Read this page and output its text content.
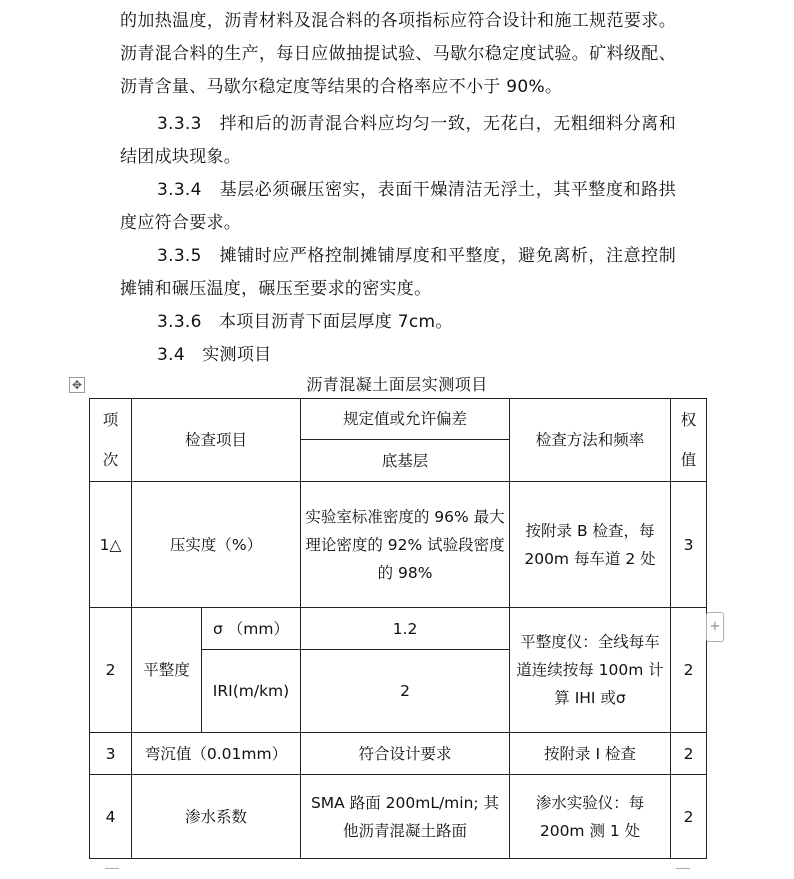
的加热温度，沥青材料及混合料的各项指标应符合设计和施工规范要求。沥青混合料的生产，每日应做抽提试验、马歇尔稳定度试验。矿料级配、沥青含量、马歇尔稳定度等结果的合格率应不小于 90%。

3.3.3　拌和后的沥青混合料应均匀一致，无花白，无粗细料分离和结团成块现象。

3.3.4　基层必须碾压密实，表面干燥清洁无浮土，其平整度和路拱度应符合要求。

3.3.5　摊铺时应严格控制摊铺厚度和平整度，避免离析，注意控制摊铺和碾压温度，碾压至要求的密实度。

3.3.6　本项目沥青下面层厚度 7cm。

3.4　实测项目

✥	沥青混凝土面层实测项目
项次	检查项目		规定值或允许偏差	检查方法和频率	权值
			底基层		
1△	压实度（%）		实验室标准密度的 96% 最大理论密度的 92% 试验段密度的 98%	按附录 B 检查，每 200m 每车道 2 处	3
2	平整度	σ （mm）	1.2	平整度仪：全线每车道连续按每 100m 计算 IHI 或σ	2
		IRI(m/km)	2		
3	弯沉值（0.01mm）		符合设计要求	按附录 I 检查	2
4	渗水系数		SMA 路面 200mL/min; 其他沥青混凝土路面	渗水实验仪：每 200m 测 1 处	2
+
